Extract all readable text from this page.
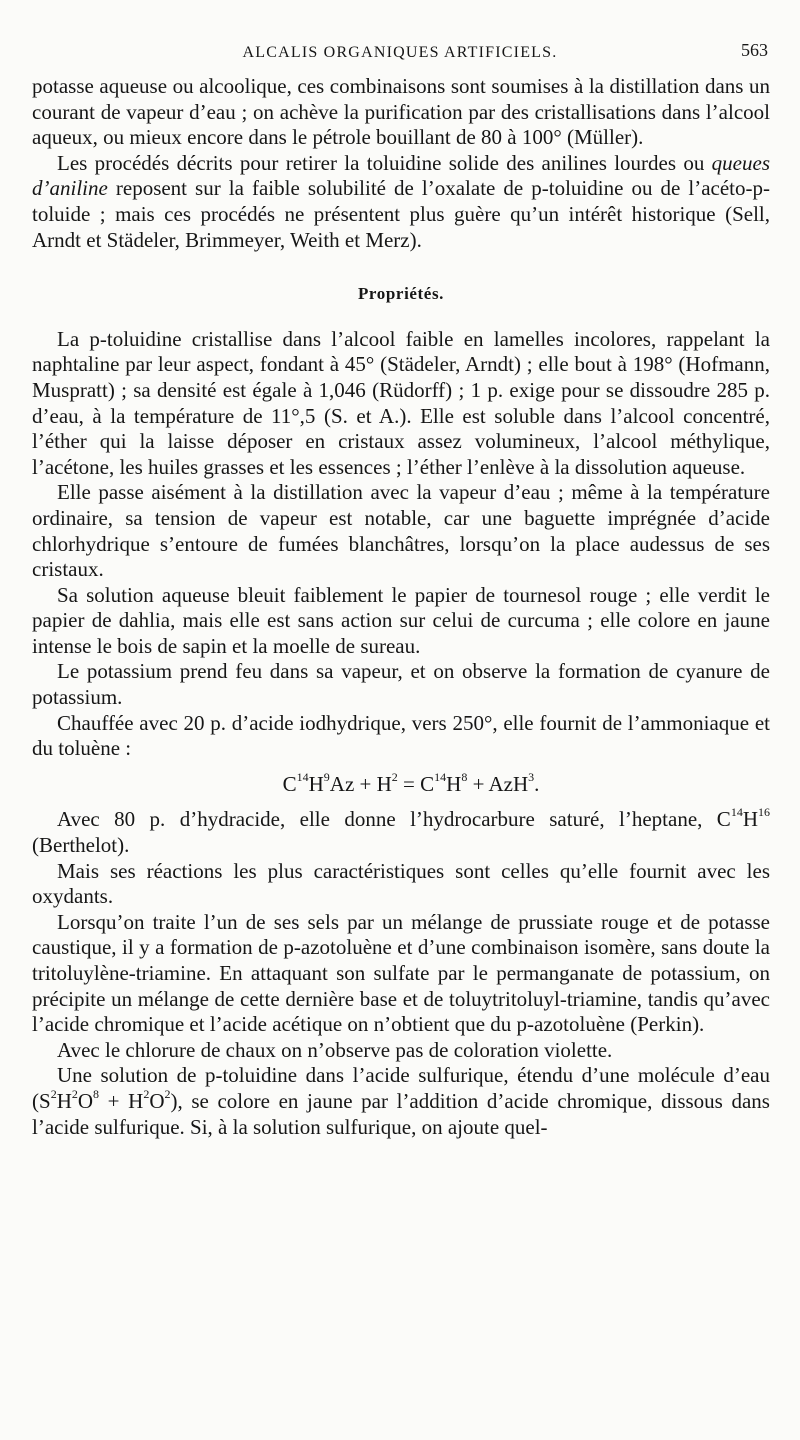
ALCALIS ORGANIQUES ARTIFICIELS.	563

potasse aqueuse ou alcoolique, ces combinaisons sont soumises à la distillation dans un courant de vapeur d’eau ; on achève la purification par des cristallisations dans l’alcool aqueux, ou mieux encore dans le pétrole bouillant de 80 à 100° (Müller).

Les procédés décrits pour retirer la toluidine solide des anilines lourdes ou queues d’aniline reposent sur la faible solubilité de l’oxalate de p-toluidine ou de l’acéto-p-toluide ; mais ces procédés ne présentent plus guère qu’un intérêt historique (Sell, Arndt et Städeler, Brimmeyer, Weith et Merz).

Propriétés.

La p-toluidine cristallise dans l’alcool faible en lamelles incolores, rappelant la naphtaline par leur aspect, fondant à 45° (Städeler, Arndt) ; elle bout à 198° (Hofmann, Muspratt) ; sa densité est égale à 1,046 (Rüdorff) ; 1 p. exige pour se dissoudre 285 p. d’eau, à la température de 11°,5 (S. et A.). Elle est soluble dans l’alcool concentré, l’éther qui la laisse déposer en cristaux assez volumineux, l’alcool méthylique, l’acétone, les huiles grasses et les essences ; l’éther l’enlève à la dissolution aqueuse.

Elle passe aisément à la distillation avec la vapeur d’eau ; même à la température ordinaire, sa tension de vapeur est notable, car une baguette imprégnée d’acide chlorhydrique s’entoure de fumées blanchâtres, lorsqu’on la place audessus de ses cristaux.

Sa solution aqueuse bleuit faiblement le papier de tournesol rouge ; elle verdit le papier de dahlia, mais elle est sans action sur celui de curcuma ; elle colore en jaune intense le bois de sapin et la moelle de sureau.

Le potassium prend feu dans sa vapeur, et on observe la formation de cyanure de potassium.

Chauffée avec 20 p. d’acide iodhydrique, vers 250°, elle fournit de l’ammoniaque et du toluène :

$C^{14}H^9Az + H^2 = C^{14}H^8 + AzH^3$.

Avec 80 p. d’hydracide, elle donne l’hydrocarbure saturé, l’heptane, $C^{14}H^{16}$ (Berthelot).

Mais ses réactions les plus caractéristiques sont celles qu’elle fournit avec les oxydants.

Lorsqu’on traite l’un de ses sels par un mélange de prussiate rouge et de potasse caustique, il y a formation de p-azotoluène et d’une combinaison isomère, sans doute la tritoluylène-triamine. En attaquant son sulfate par le permanganate de potassium, on précipite un mélange de cette dernière base et de toluytritoluyl-triamine, tandis qu’avec l’acide chromique et l’acide acétique on n’obtient que du p-azotoluène (Perkin).

Avec le chlorure de chaux on n’observe pas de coloration violette.

Une solution de p-toluidine dans l’acide sulfurique, étendu d’une molécule d’eau $(S^2H^2O^8 + H^2O^2)$, se colore en jaune par l’addition d’acide chromique, dissous dans l’acide sulfurique. Si, à la solution sulfurique, on ajoute quel-
